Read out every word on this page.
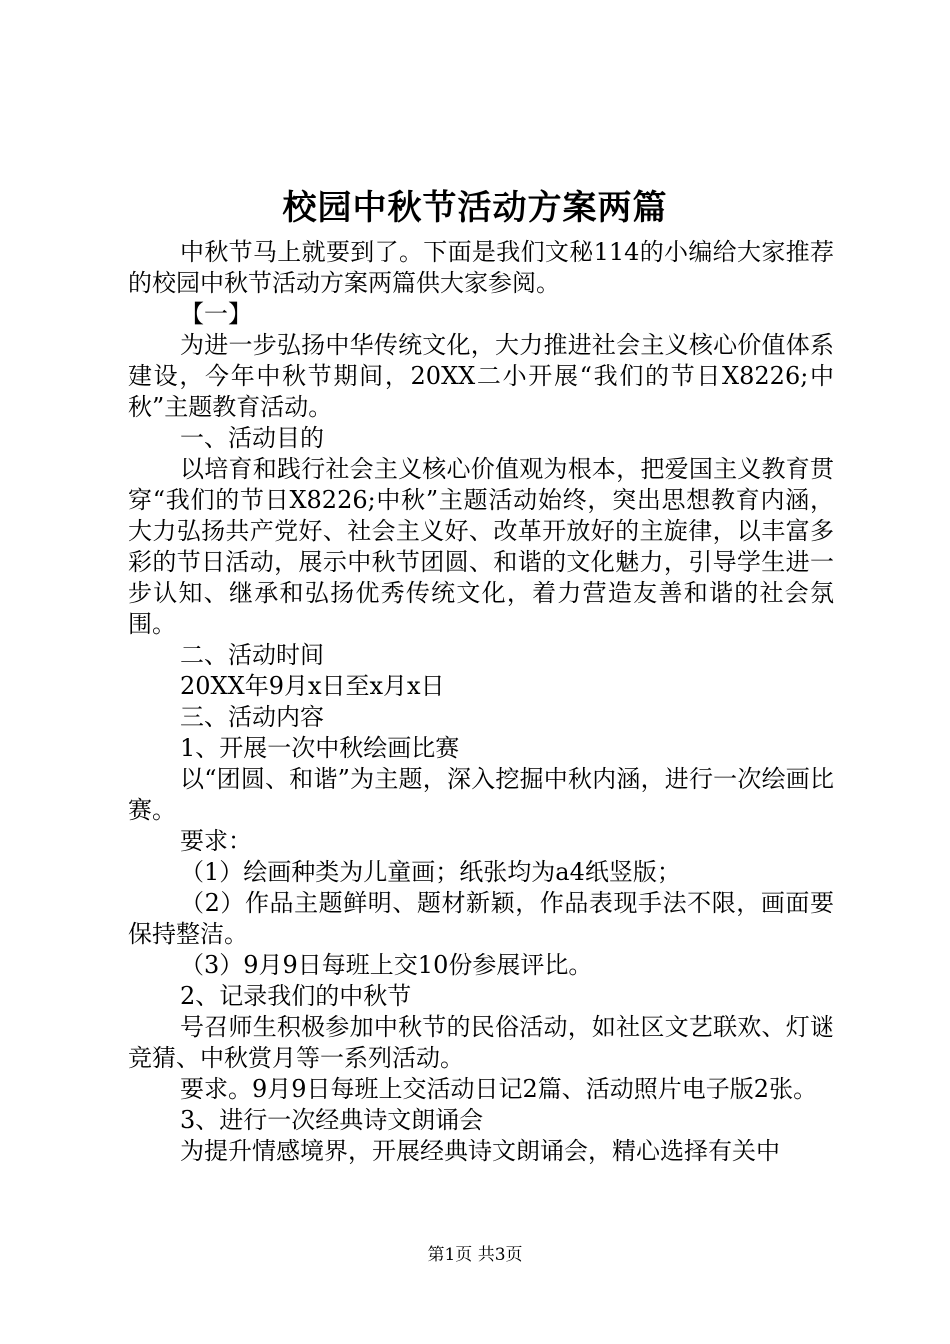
校园中秋节活动方案两篇

中秋节马上就要到了。下面是我们文秘114的小编给大家推荐的校园中秋节活动方案两篇供大家参阅。

【一】

为进一步弘扬中华传统文化，大力推进社会主义核心价值体系建设，今年中秋节期间，20XX二小开展“我们的节日X8226;中秋”主题教育活动。

一、活动目的

以培育和践行社会主义核心价值观为根本，把爱国主义教育贯穿“我们的节日X8226;中秋”主题活动始终，突出思想教育内涵，大力弘扬共产党好、社会主义好、改革开放好的主旋律，以丰富多彩的节日活动，展示中秋节团圆、和谐的文化魅力，引导学生进一步认知、继承和弘扬优秀传统文化，着力营造友善和谐的社会氛围。

二、活动时间

20XX年9月x日至x月x日

三、活动内容

1、开展一次中秋绘画比赛

以“团圆、和谐”为主题，深入挖掘中秋内涵，进行一次绘画比赛。

要求：

（1）绘画种类为儿童画；纸张均为a4纸竖版；

（2）作品主题鲜明、题材新颖，作品表现手法不限，画面要保持整洁。

（3）9月9日每班上交10份参展评比。

2、记录我们的中秋节

号召师生积极参加中秋节的民俗活动，如社区文艺联欢、灯谜竞猜、中秋赏月等一系列活动。

要求。9月9日每班上交活动日记2篇、活动照片电子版2张。

3、进行一次经典诗文朗诵会

为提升情感境界，开展经典诗文朗诵会，精心选择有关中

第1页 共3页
